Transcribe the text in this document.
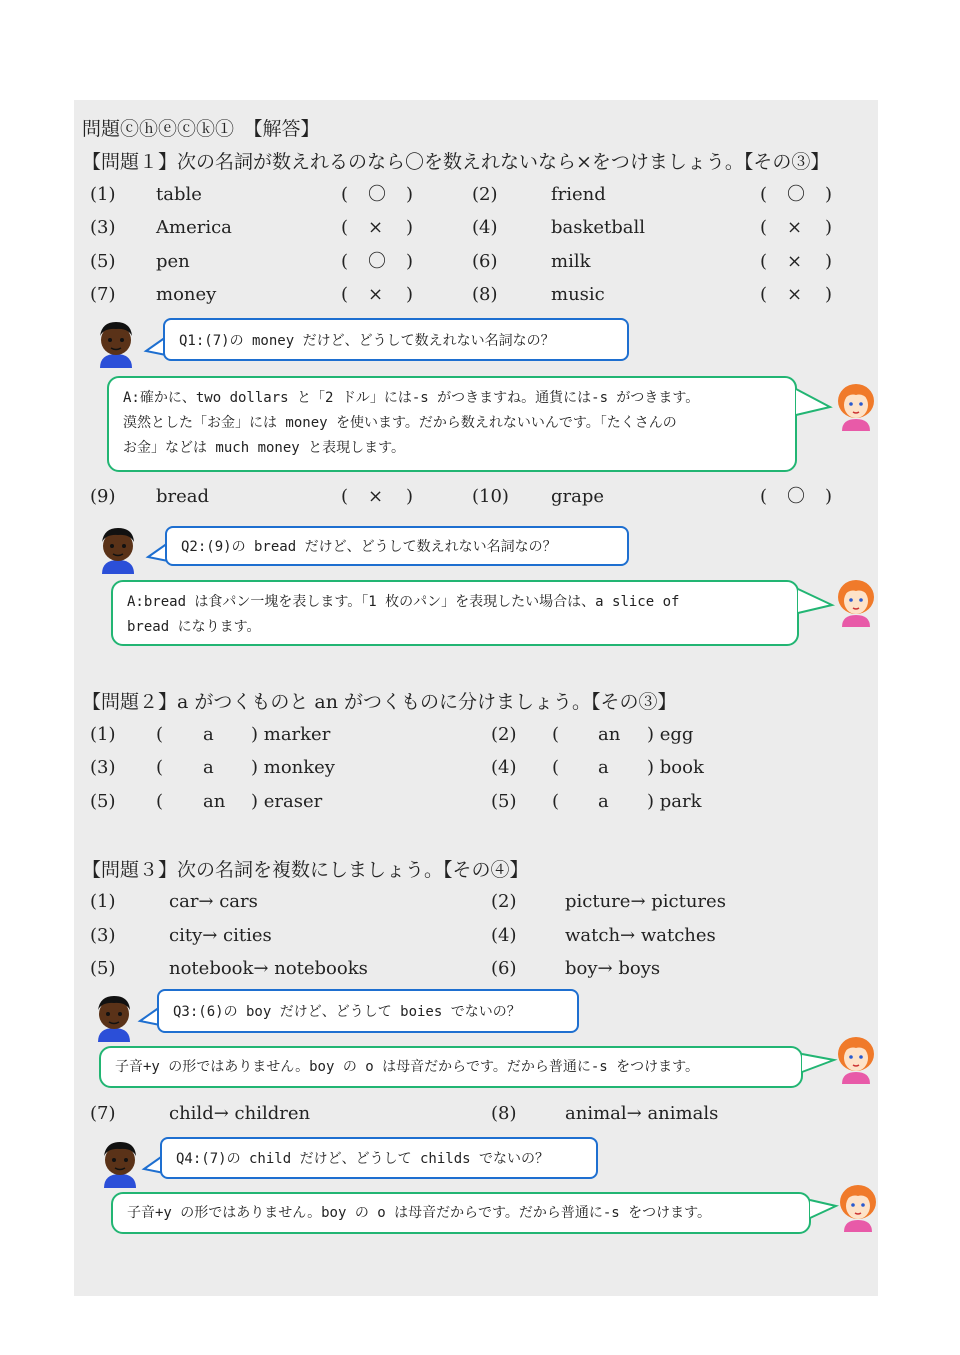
問題ⓒⓗⓔⓒⓚ①　【解答】
【問題１】次の名詞が数えれるのなら〇を数えれないなら×をつけましょう。【その③】
(1) table	( 〇 )	(2)	friend	( 〇 )
(3) America	( × )	(4)	basketball	( × )
(5) pen	( 〇 )	(6)	milk	( × )
(7) money	( × )	(8)	music	( × )
Q1:(7)の money だけど、どうして数えれない名詞なの？
A:確かに、two dollars と「2 ドル」には-s がつきますね。通貨には-s がつきます。
漠然とした「お金」には money を使います。だから数えれないいんです。「たくさんの
お金」などは much money と表現します。
(9) bread	( × )	(10) grape	( 〇 )
Q2:(9)の bread だけど、どうして数えれない名詞なの？
A:bread は食パン一塊を表します。「1 枚のパン」を表現したい場合は、a slice of
bread になります。
【問題２】a がつくものと an がつくものに分けましょう。【その③】
(1) ( a ) marker	(2) ( an ) egg
(3) ( a ) monkey	(4) ( a ) book
(5) ( an ) eraser	(5) ( a ) park
【問題３】次の名詞を複数にしましょう。【その④】
(1)	car→ cars	(2)	picture→ pictures
(3)	city→ cities	(4)	watch→ watches
(5)	notebook→ notebooks	(6)	boy→ boys
Q3:(6)の boy だけど、どうして boies でないの？
子音+y の形ではありません。boy の o は母音だからです。だから普通に-s をつけます。
(7)	child→ children	(8)	animal→ animals
Q4:(7)の child だけど、どうして childs でないの？
子音+y の形ではありません。boy の o は母音だからです。だから普通に-s をつけます。
